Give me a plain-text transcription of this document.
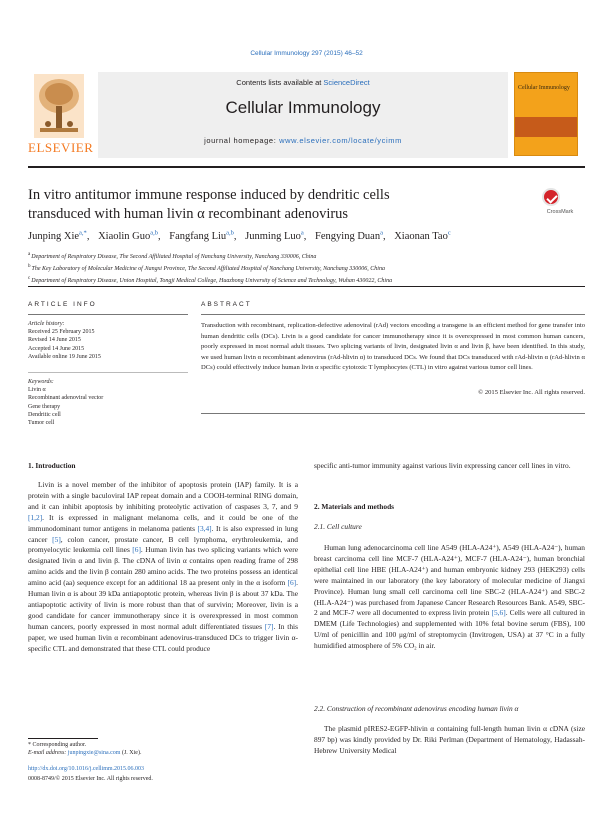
Cellular Immunology 297 (2015) 46–52
ELSEVIER
Contents lists available at ScienceDirect
Cellular Immunology
journal homepage: www.elsevier.com/locate/ycimm
Cellular Immunology
In vitro antitumor immune response induced by dendritic cells
transduced with human livin α recombinant adenovirus	CrossMark
Junping Xie$^{a,*}$, Xiaolin Guo$^{a,b}$, Fangfang Liu$^{a,b}$, Junming Luo$^a$, Fengying Duan$^a$, Xiaonan Tao$^c$
$^a$Department of Respiratory Disease, The Second Affiliated Hospital of Nanchang University, Nanchang 330006, China
$^b$The Key Laboratory of Molecular Medicine of Jiangxi Province, The Second Affiliated Hospital of Nanchang University, Nanchang 330006, China
$^c$Department of Respiratory Disease, Union Hospital, Tongji Medical College, Huazhong University of Science and Technology, Wuhan 430022, China
ARTICLE INFO
Article history:
Received 25 February 2015
Revised 14 June 2015
Accepted 14 June 2015
Available online 19 June 2015
Keywords:
Livin α
Recombinant adenoviral vector
Gene therapy
Dendritic cell
Tumor cell
ABSTRACT
Transduction with recombinant, replication-defective adenoviral (rAd) vectors encoding a transgene is an efficient method for gene transfer into human dendritic cells (DCs). Livin is a good candidate for cancer immunotherapy since it is overexpressed in most common human cancers, poorly expressed in most normal adult tissues. Two splicing variants of livin, designated livin α and livin β, have been identified. In this study, we used human livin α recombinant adenovirus (rAd-hlivin α) to transduced DCs. We found that DCs transduced with rAd-hlivin α (rAd-hlivin α DCs) could effectively induce human livin α specific cytotoxic T lymphocytes (CTL) in vitro against various tumor cell lines.
© 2015 Elsevier Inc. All rights reserved.
1. Introduction
Livin is a novel member of the inhibitor of apoptosis protein (IAP) family. It is a protein with a single baculoviral IAP repeat domain and a COOH-terminal RING domain, and it can inhibit apoptosis by inhibiting proteolytic activation of caspases 3, 7, and 9 [1,2]. It is expressed in malignant melanoma cells, and it could be one of the immunodominant tumor antigens in melanoma patients [3,4]. It is also expressed in lung cancer [5], colon cancer, prostate cancer, B cell lymphoma, erythroleukemia, and promyelocytic leukemia cell lines [6]. Human livin has two splicing variants which were designated livin α and livin β. The cDNA of livin α contains open reading frame of 298 amino acids and the livin β contain 280 amino acids. The two proteins possess an identical amino acid (aa) sequence except for an additional 18 aa present only in the α isoform [6]. Human livin α is about 39 kDa antiapoptotic protein, whereas livin β is about 37 kDa. The antiapoptotic activity of livin is more robust than that of survivin; Moreover, livin is a good candidate for cancer immunotherapy since it is overexpressed in most common human cancers, poorly expressed in most normal adult differentiated tissues [7]. In this paper, we used human livin α recombinant adenovirus-transduced DCs to trigger livin α-specific CTL and demonstrated that these CTL could produce
specific anti-tumor immunity against various livin expressing cancer cell lines in vitro.
2. Materials and methods
2.1. Cell culture
Human lung adenocarcinoma cell line A549 (HLA-A24⁺), A549 (HLA-A24⁻), human breast carcinoma cell line MCF-7 (HLA-A24⁺), MCF-7 (HLA-A24⁻), human bronchial epithelial cell line HBE (HLA-A24⁺) and human embryonic kidney 293 (HEK293) cells were maintained in our laboratory (the key laboratory of molecular medicine of Jiangxi Province). Human lung small cell carcinoma cell line SBC-2 (HLA-A24⁺) and SBC-2 (HLA-A24⁻) was purchased from Japanese Cancer Research Resources Bank. A549, SBC-2 and MCF-7 were all documented to express livin protein [5,6]. Cells were all cultured in DMEM (Life Technologies) and supplemented with 10% fetal bovine serum (FBS), 100 U/ml of penicillin and 100 μg/ml of streptomycin (Invitrogen, USA) at 37 °C in a fully humidified atmosphere of 5% CO₂ in air.
2.2. Construction of recombinant adenovirus encoding human livin α
The plasmid pIRES2-EGFP-hlivin α containing full-length human livin α cDNA (size 897 bp) was kindly provided by Dr. Riki Perlman (Department of Hematology, Hadassah-Hebrew University Medical
* Corresponding author.
E-mail address: junpingxie@sina.com (J. Xie).
http://dx.doi.org/10.1016/j.cellimm.2015.06.003
0008-8749/© 2015 Elsevier Inc. All rights reserved.
